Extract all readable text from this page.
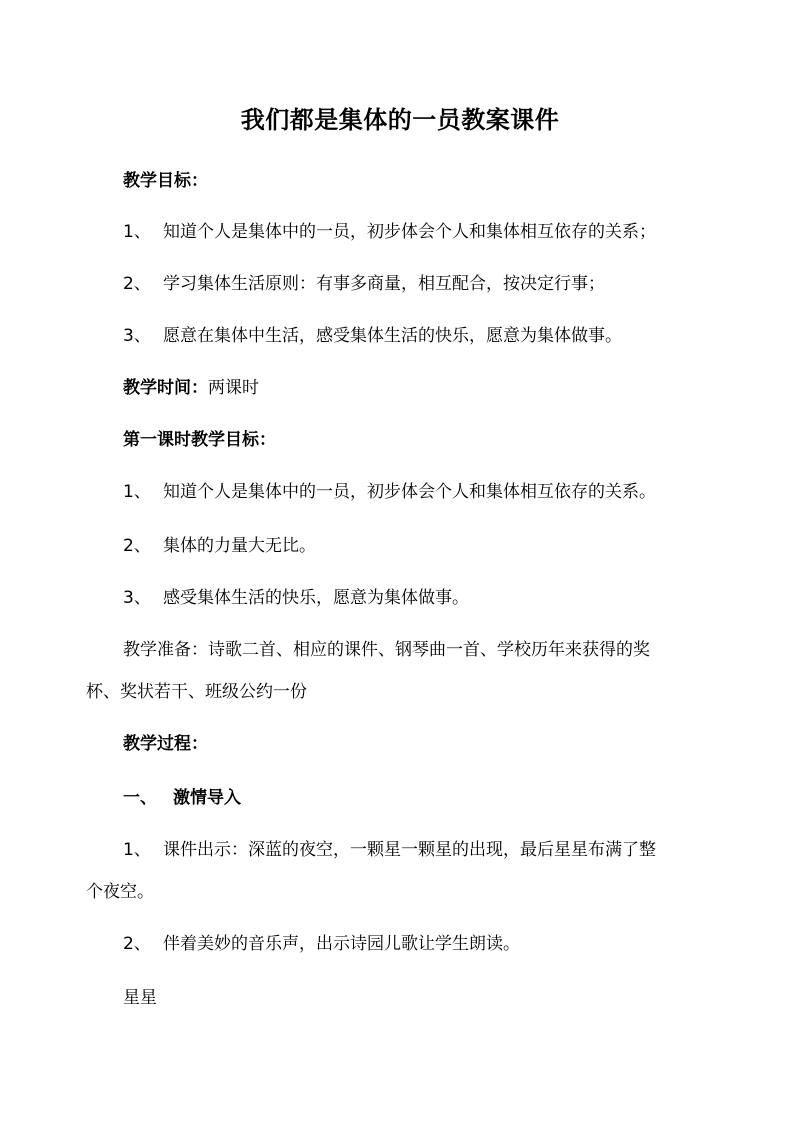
我们都是集体的一员教案课件
教学目标：
1、 知道个人是集体中的一员，初步体会个人和集体相互依存的关系；
2、 学习集体生活原则：有事多商量，相互配合，按决定行事；
3、 愿意在集体中生活，感受集体生活的快乐，愿意为集体做事。
教学时间：两课时
第一课时教学目标：
1、 知道个人是集体中的一员，初步体会个人和集体相互依存的关系。
2、 集体的力量大无比。
3、 感受集体生活的快乐，愿意为集体做事。
教学准备：诗歌二首、相应的课件、钢琴曲一首、学校历年来获得的奖
杯、奖状若干、班级公约一份
教学过程：
一、 激情导入
1、 课件出示：深蓝的夜空，一颗星一颗星的出现，最后星星布满了整
个夜空。
2、 伴着美妙的音乐声，出示诗园儿歌让学生朗读。
星星
